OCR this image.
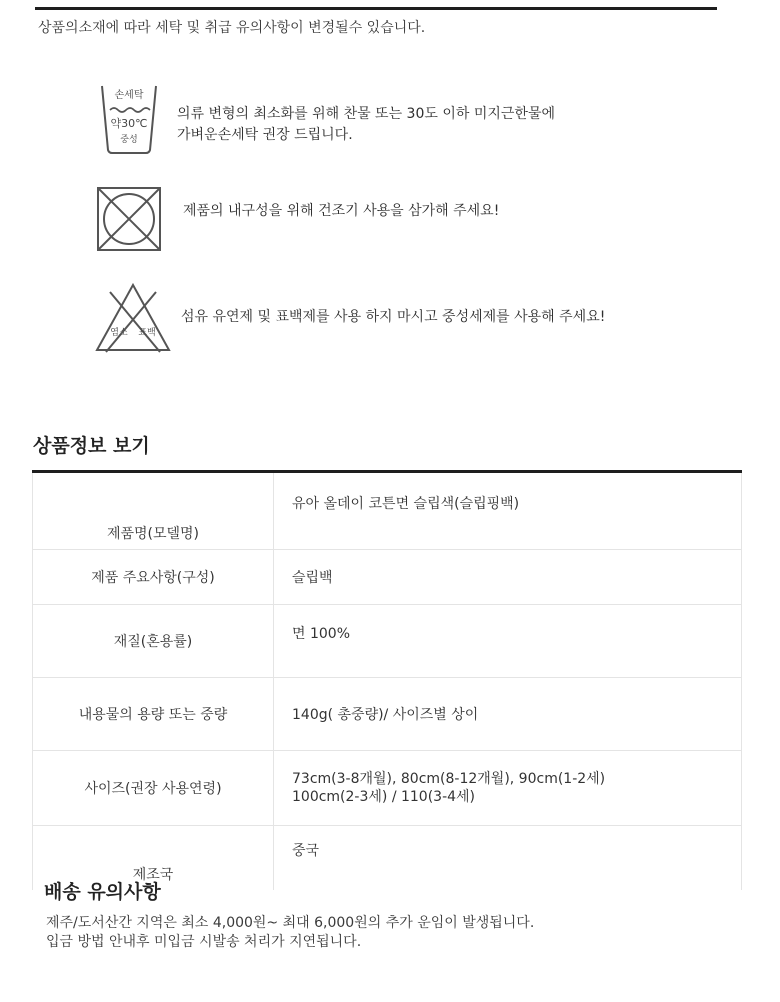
상품의소재에 따라 세탁 및 취급 유의사항이 변경될수 있습니다.
손세탁
약30℃
중성
의류 변형의 최소화를 위해 찬물 또는 30도 이하 미지근한물에
가벼운손세탁 권장 드립니다.
제품의 내구성을 위해 건조기 사용을 삼가해 주세요!
염소 표백
섬유 유연제 및 표백제를 사용 하지 마시고 중성세제를 사용해 주세요!
상품정보 보기
제품명(모델명)	유아 올데이 코튼면 슬립색(슬립핑백)
제품 주요사항(구성)	슬립백
재질(혼용률)	면 100%
내용물의 용량 또는 중량	140g( 총중량)/ 사이즈별 상이
사이즈(권장 사용연령)	73cm(3-8개월), 80cm(8-12개월), 90cm(1-2세)
100cm(2-3세) / 110(3-4세)

제조국	중국
배송 유의사항
제주/도서산간 지역은 최소 4,000원~ 최대 6,000원의 추가 운임이 발생됩니다.
입금 방법 안내후 미입금 시발송 처리가 지연됩니다.
